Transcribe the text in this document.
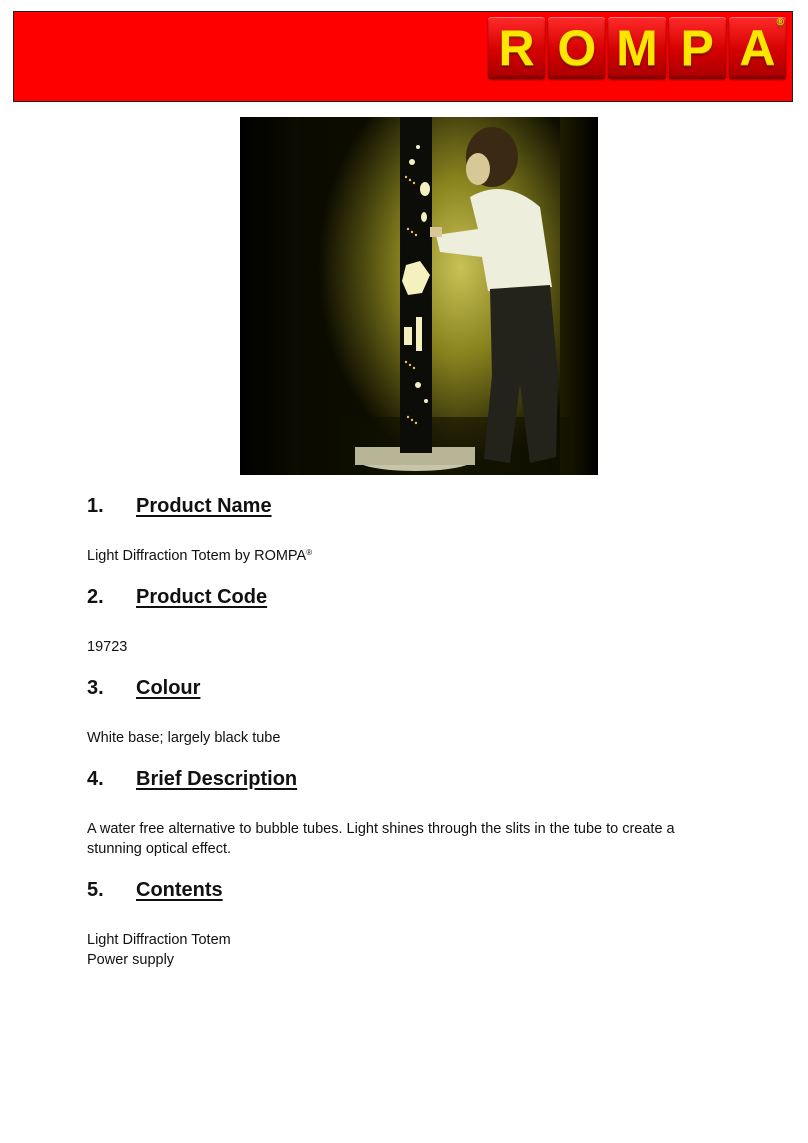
R O M P A ®
1. Product Name
Light Diffraction Totem by ROMPA®
2. Product Code
19723
3. Colour
White base; largely black tube
4. Brief Description
A water free alternative to bubble tubes. Light shines through the slits in the tube to create a
stunning optical effect.
5. Contents
Light Diffraction Totem
Power supply
